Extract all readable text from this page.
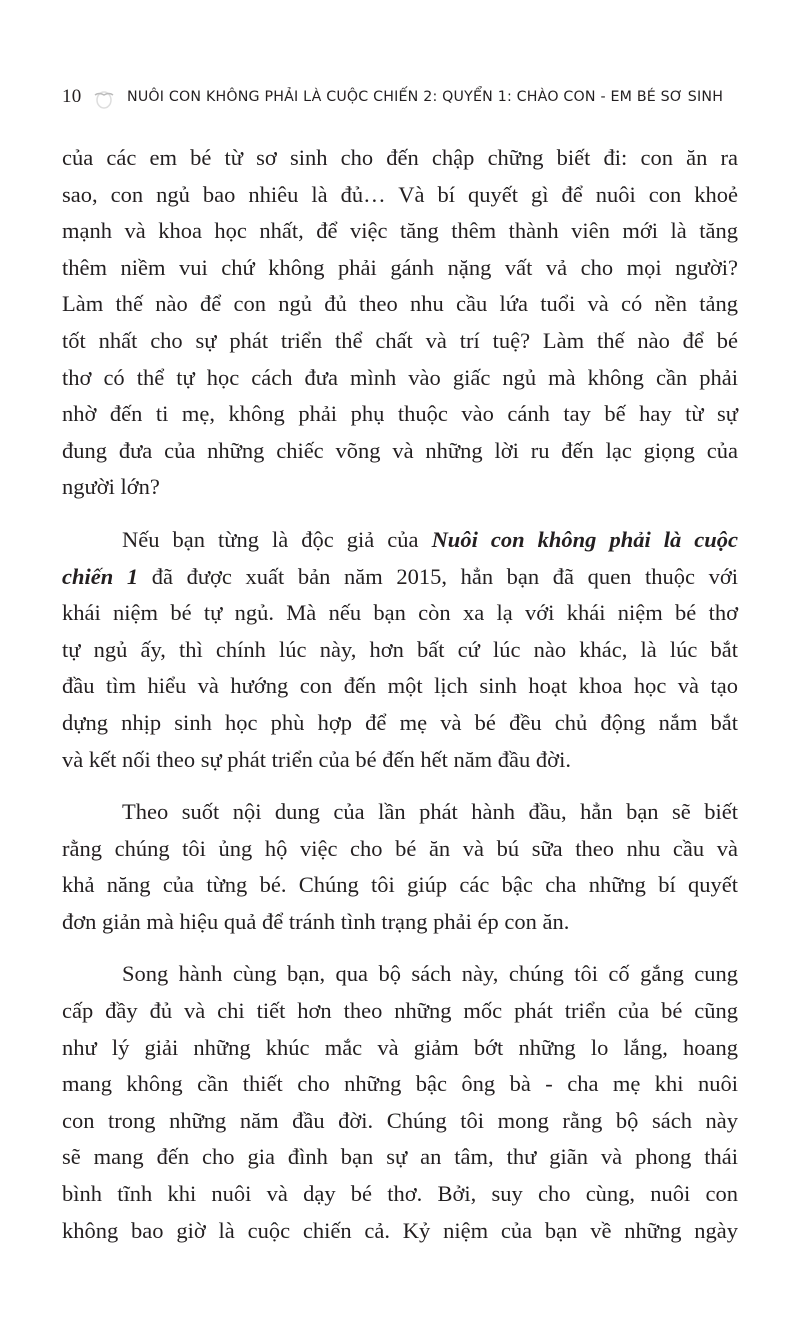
10	NUÔI CON KHÔNG PHẢI LÀ CUỘC CHIẾN 2: QUYỂN 1: CHÀO CON - EM BÉ SƠ SINH
của các em bé từ sơ sinh cho đến chập chững biết đi: con ăn ra
sao, con ngủ bao nhiêu là đủ… Và bí quyết gì để nuôi con khoẻ
mạnh và khoa học nhất, để việc tăng thêm thành viên mới là tăng
thêm niềm vui chứ không phải gánh nặng vất vả cho mọi người?
Làm thế nào để con ngủ đủ theo nhu cầu lứa tuổi và có nền tảng
tốt nhất cho sự phát triển thể chất và trí tuệ? Làm thế nào để bé
thơ có thể tự học cách đưa mình vào giấc ngủ mà không cần phải
nhờ đến ti mẹ, không phải phụ thuộc vào cánh tay bế hay từ sự
đung đưa của những chiếc võng và những lời ru đến lạc giọng của
người lớn?
Nếu bạn từng là độc giả của Nuôi con không phải là cuộc
chiến 1 đã được xuất bản năm 2015, hẳn bạn đã quen thuộc với
khái niệm bé tự ngủ. Mà nếu bạn còn xa lạ với khái niệm bé thơ
tự ngủ ấy, thì chính lúc này, hơn bất cứ lúc nào khác, là lúc bắt
đầu tìm hiểu và hướng con đến một lịch sinh hoạt khoa học và tạo
dựng nhịp sinh học phù hợp để mẹ và bé đều chủ động nắm bắt
và kết nối theo sự phát triển của bé đến hết năm đầu đời.
Theo suốt nội dung của lần phát hành đầu, hẳn bạn sẽ biết
rằng chúng tôi ủng hộ việc cho bé ăn và bú sữa theo nhu cầu và
khả năng của từng bé. Chúng tôi giúp các bậc cha những bí quyết
đơn giản mà hiệu quả để tránh tình trạng phải ép con ăn.
Song hành cùng bạn, qua bộ sách này, chúng tôi cố gắng cung
cấp đầy đủ và chi tiết hơn theo những mốc phát triển của bé cũng
như lý giải những khúc mắc và giảm bớt những lo lắng, hoang
mang không cần thiết cho những bậc ông bà - cha mẹ khi nuôi
con trong những năm đầu đời. Chúng tôi mong rằng bộ sách này
sẽ mang đến cho gia đình bạn sự an tâm, thư giãn và phong thái
bình tĩnh khi nuôi và dạy bé thơ. Bởi, suy cho cùng, nuôi con
không bao giờ là cuộc chiến cả. Kỷ niệm của bạn về những ngày
